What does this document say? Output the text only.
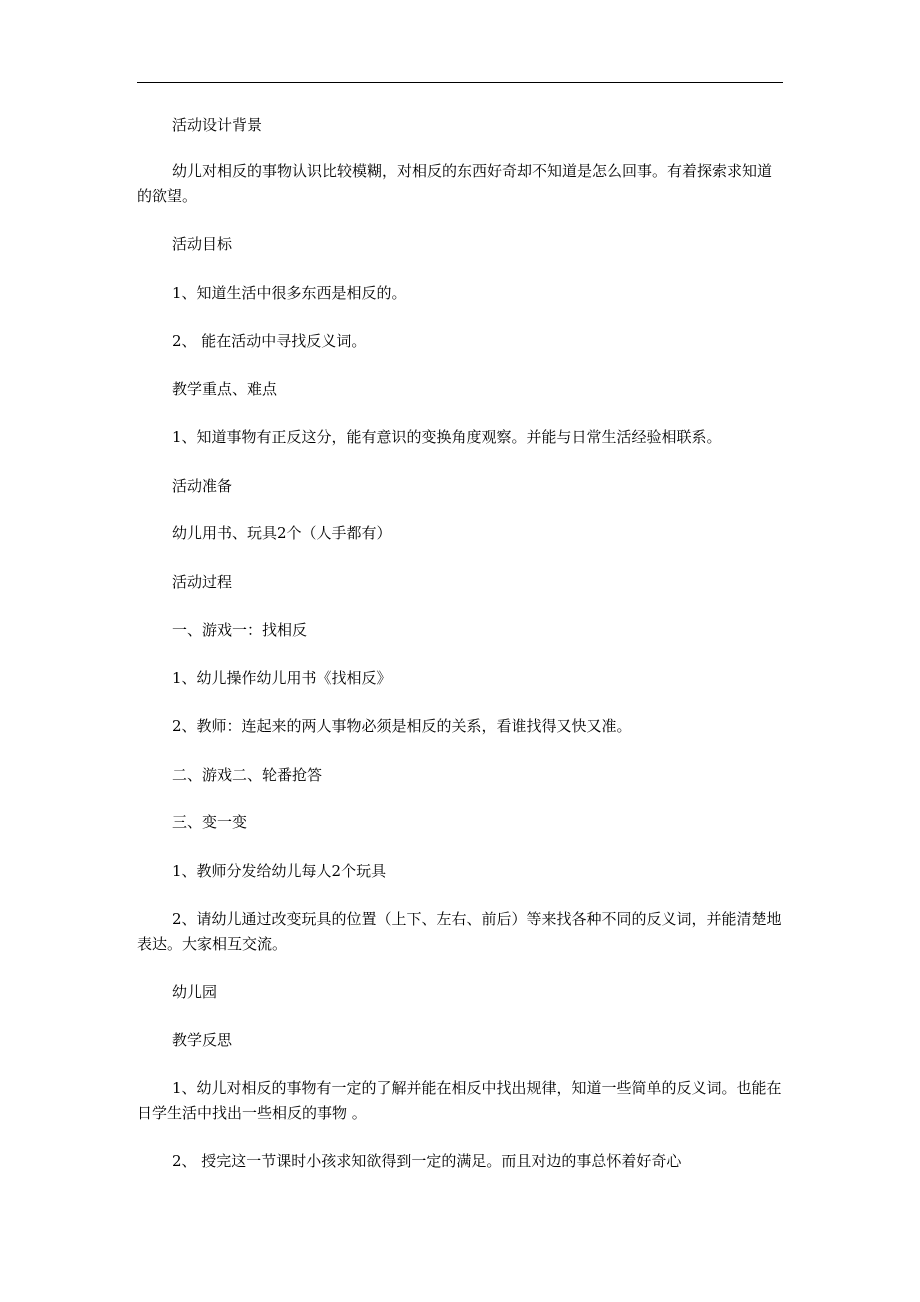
活动设计背景
幼儿对相反的事物认识比较模糊，对相反的东西好奇却不知道是怎么回事。有着探索求知道的欲望。
活动目标
1、知道生活中很多东西是相反的。
2、 能在活动中寻找反义词。
教学重点、难点
1、知道事物有正反这分，能有意识的变换角度观察。并能与日常生活经验相联系。
活动准备
幼儿用书、玩具2个（人手都有）
活动过程
一、游戏一：找相反
1、幼儿操作幼儿用书《找相反》
2、教师：连起来的两人事物必须是相反的关系，看谁找得又快又准。
二、游戏二、轮番抢答
三、变一变
1、教师分发给幼儿每人2个玩具
2、请幼儿通过改变玩具的位置（上下、左右、前后）等来找各种不同的反义词，并能清楚地表达。大家相互交流。
幼儿园
教学反思
1、幼儿对相反的事物有一定的了解并能在相反中找出规律，知道一些简单的反义词。也能在日学生活中找出一些相反的事物 。
2、 授完这一节课时小孩求知欲得到一定的满足。而且对边的事总怀着好奇心
